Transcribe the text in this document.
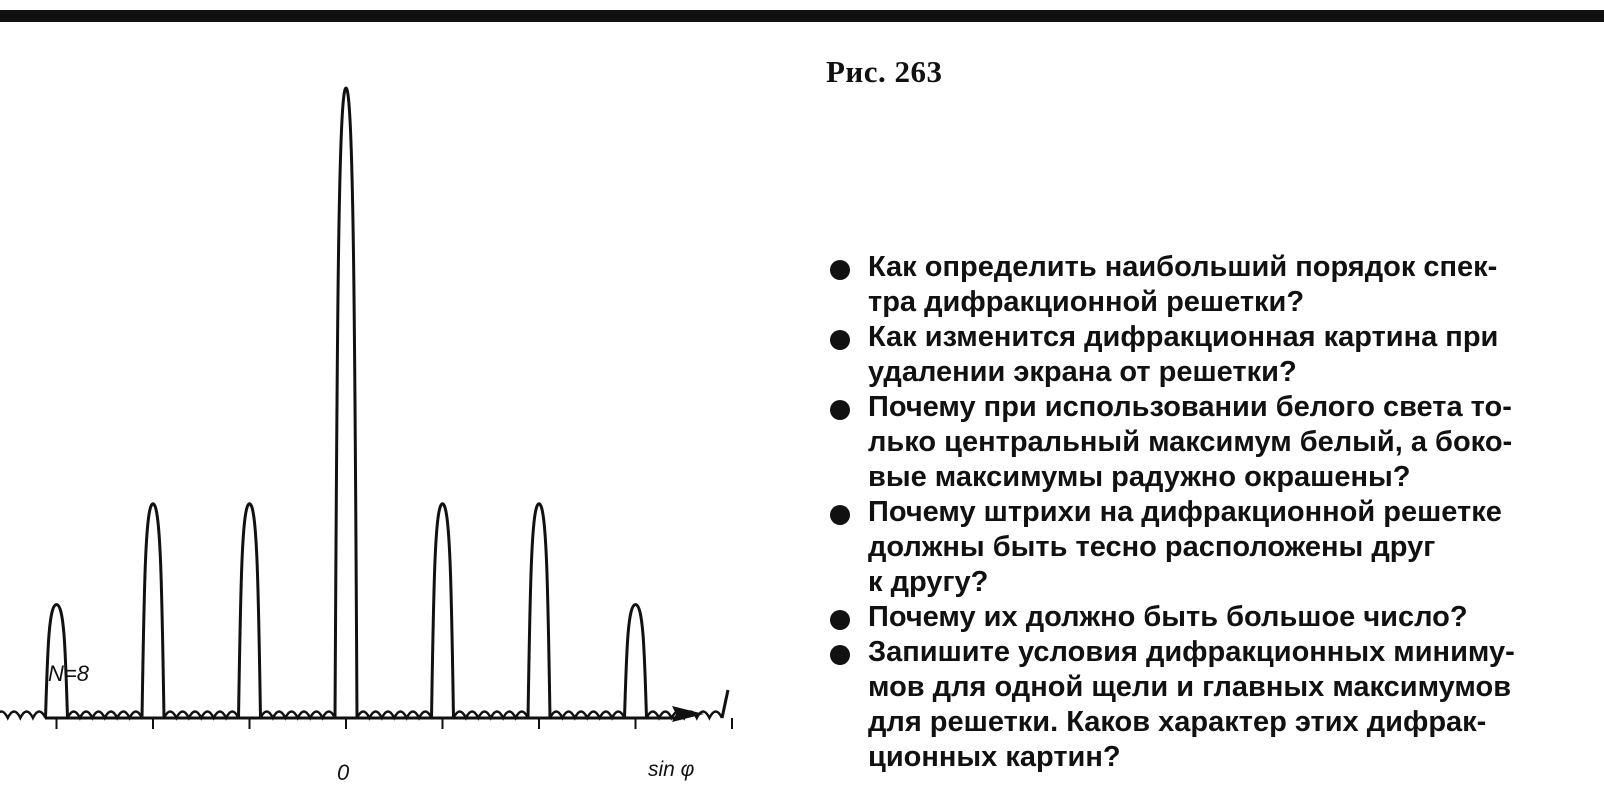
N=8
0	sin φ
Рис. 263
Как определить наибольший порядок спек-
тра дифракционной решетки?
Как изменится дифракционная картина при
удалении экрана от решетки?
Почему при использовании белого света то-
лько центральный максимум белый, а боко-
вые максимумы радужно окрашены?
Почему штрихи на дифракционной решетке
должны быть тесно расположены друг
к другу?
Почему их должно быть большое число?
Запишите условия дифракционных миниму-
мов для одной щели и главных максимумов
для решетки. Каков характер этих дифрак-
ционных картин?
